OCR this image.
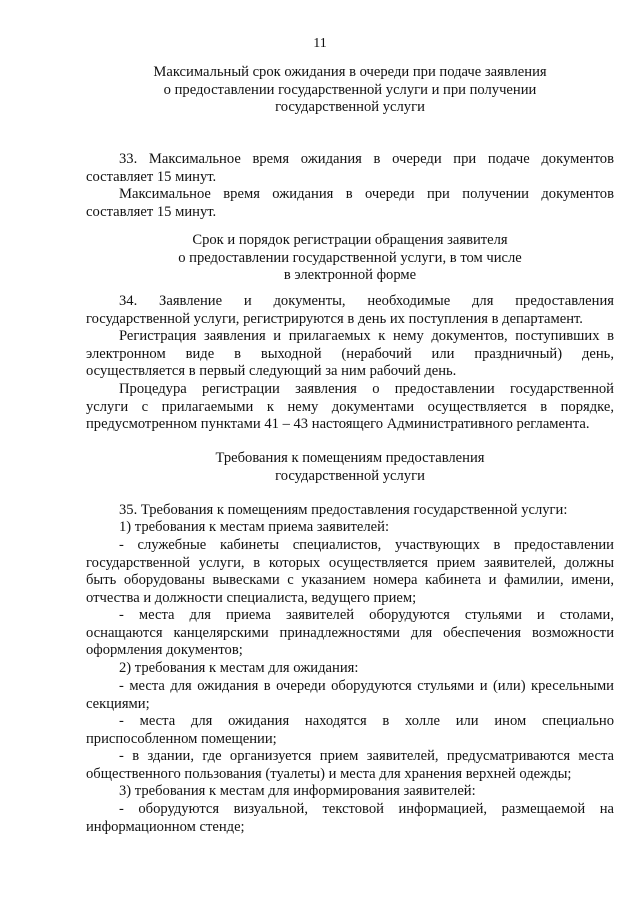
11
Максимальный срок ожидания в очереди при подаче заявления
о предоставлении государственной услуги и при получении
государственной услуги
33. Максимальное время ожидания в очереди при подаче документов
составляет 15 минут.
Максимальное время ожидания в очереди при получении документов
составляет 15 минут.
Срок и порядок регистрации обращения заявителя
о предоставлении государственной услуги, в том числе
в электронной форме
34. Заявление и документы, необходимые для предоставления
государственной услуги, регистрируются в день их поступления в департамент.
Регистрация заявления и прилагаемых к нему документов, поступивших в
электронном виде в выходной (нерабочий или праздничный) день,
осуществляется в первый следующий за ним рабочий день.
Процедура регистрации заявления о предоставлении государственной
услуги с прилагаемыми к нему документами осуществляется в порядке,
предусмотренном пунктами 41 – 43 настоящего Административного регламента.
Требования к помещениям предоставления
государственной услуги
35. Требования к помещениям предоставления государственной услуги:
1) требования к местам приема заявителей:
- служебные кабинеты специалистов, участвующих в предоставлении
государственной услуги, в которых осуществляется прием заявителей, должны
быть оборудованы вывесками с указанием номера кабинета и фамилии, имени,
отчества и должности специалиста, ведущего прием;
- места для приема заявителей оборудуются стульями и столами,
оснащаются канцелярскими принадлежностями для обеспечения возможности
оформления документов;
2) требования к местам для ожидания:
- места для ожидания в очереди оборудуются стульями и (или) кресельными
секциями;
- места для ожидания находятся в холле или ином специально
приспособленном помещении;
- в здании, где организуется прием заявителей, предусматриваются места
общественного пользования (туалеты) и места для хранения верхней одежды;
3) требования к местам для информирования заявителей:
- оборудуются визуальной, текстовой информацией, размещаемой на
информационном стенде;
